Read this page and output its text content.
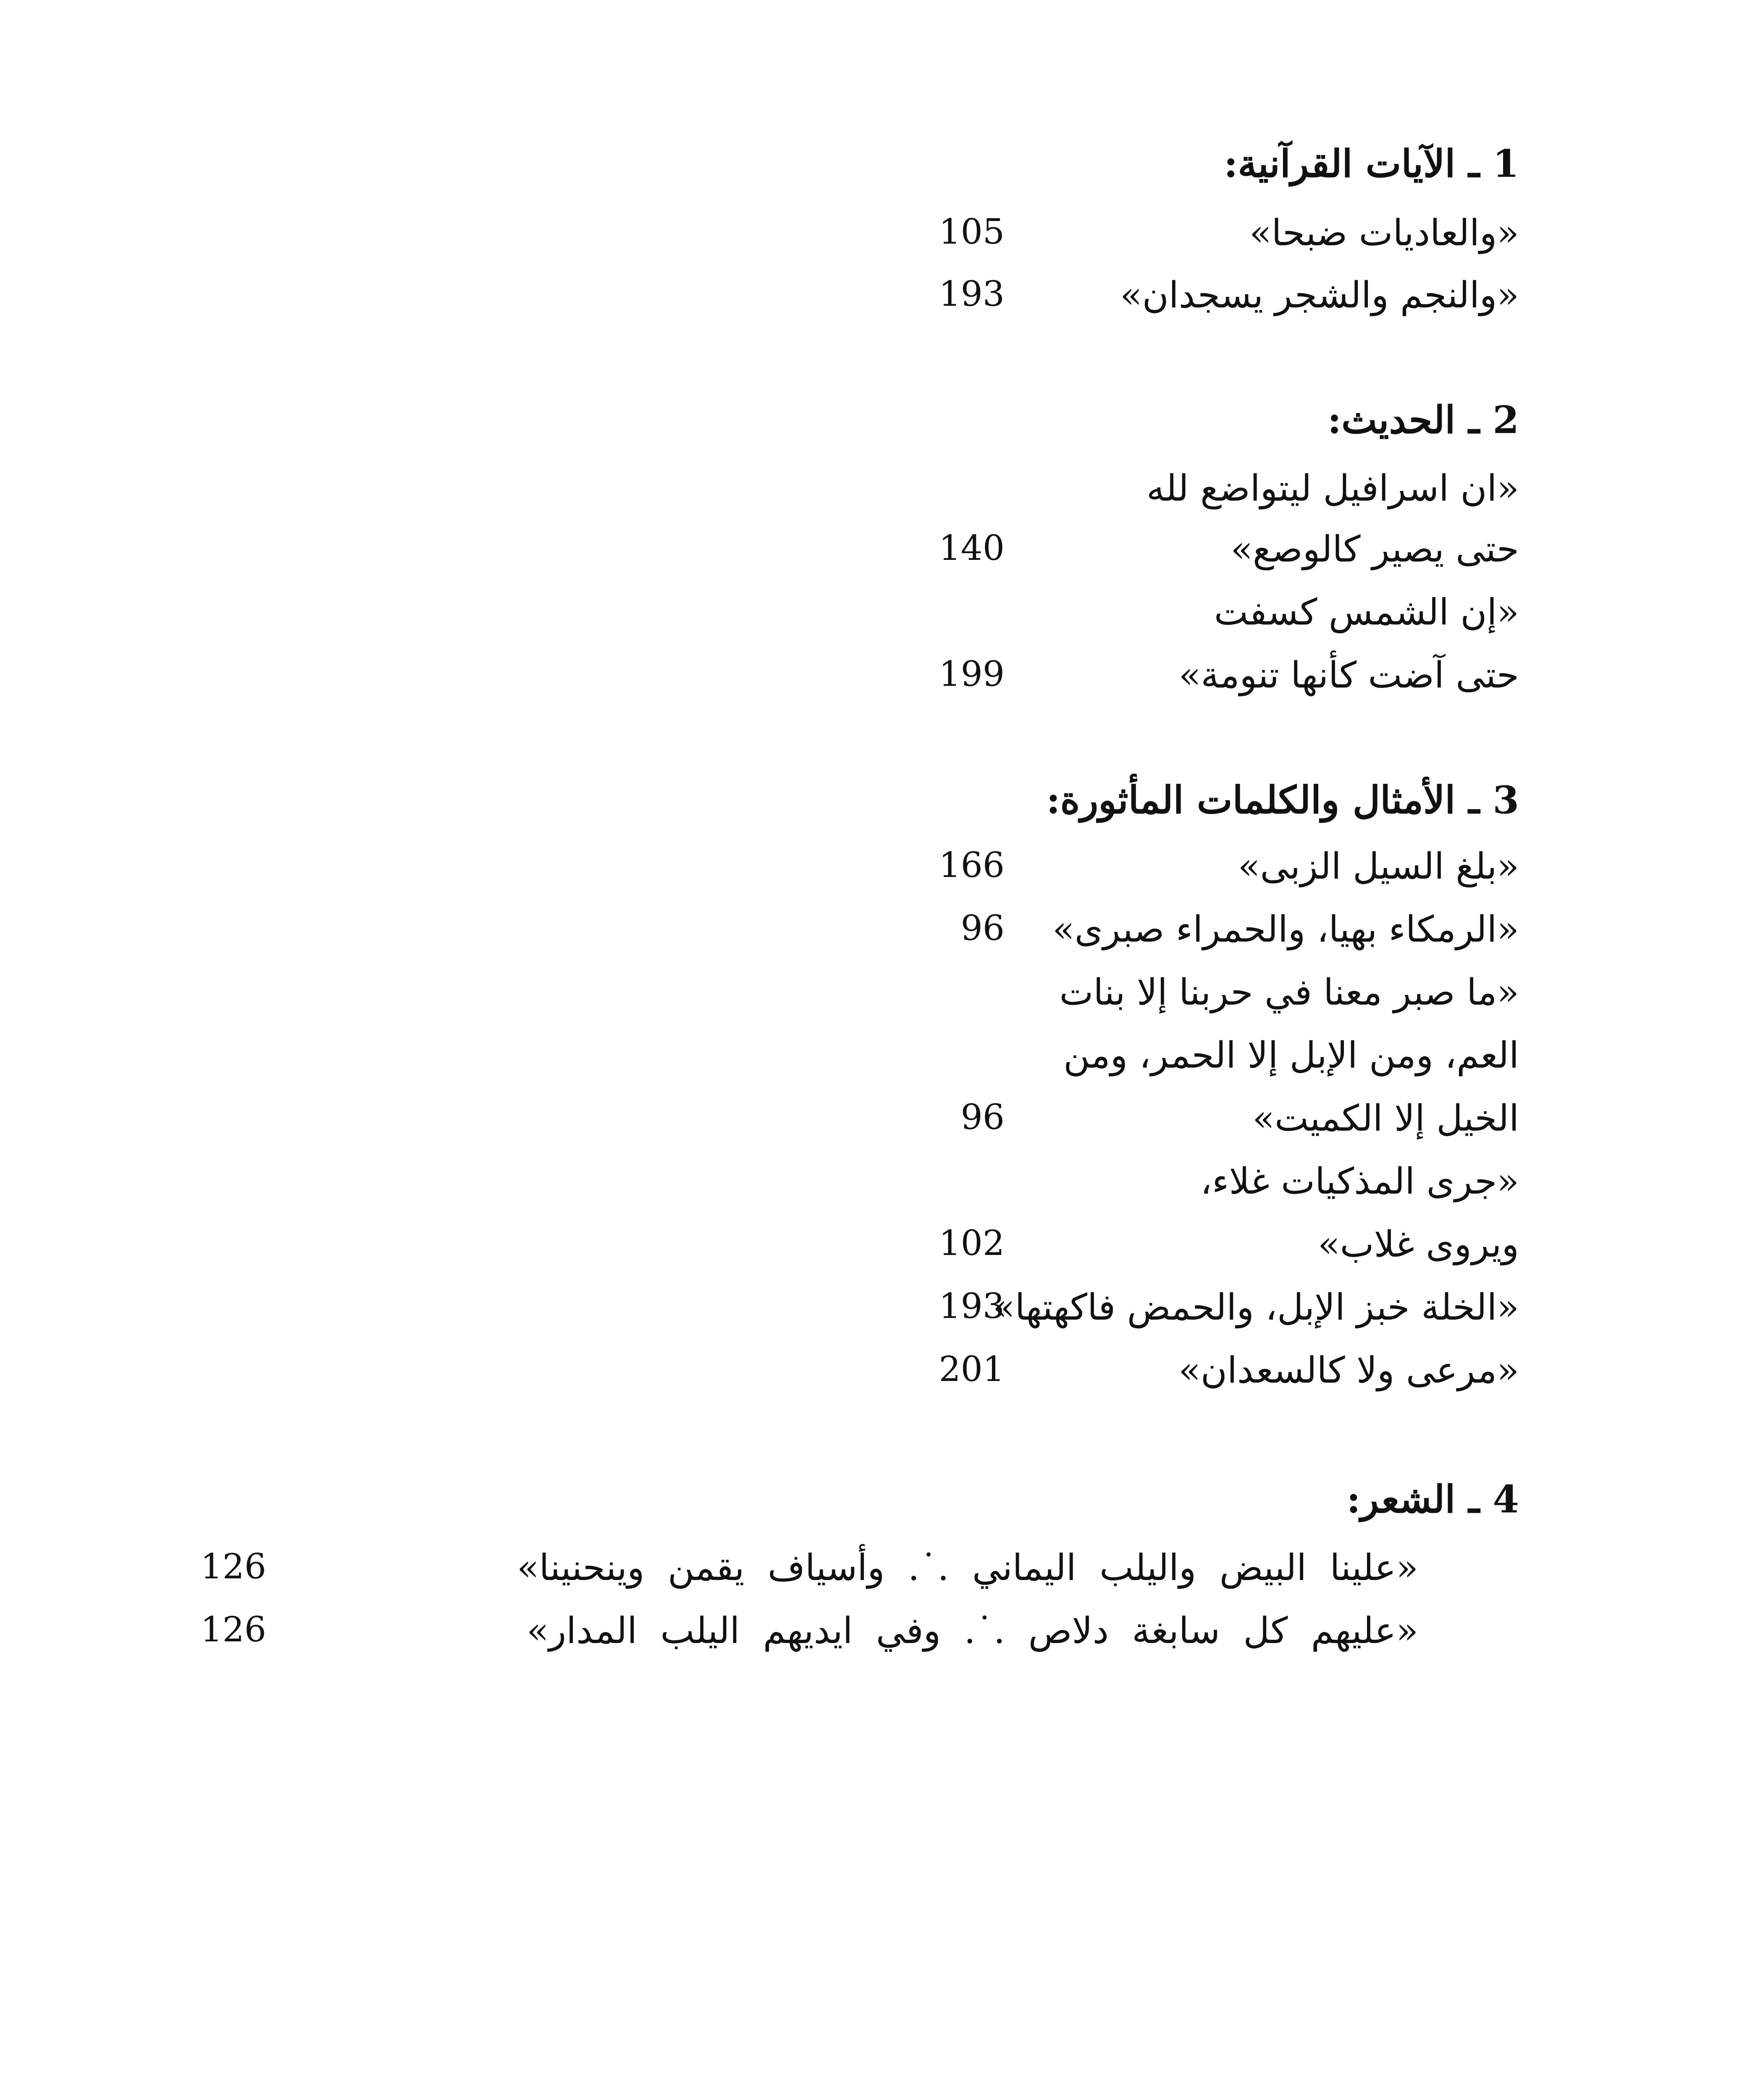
1 ـ الآيات القرآنية:
«والعاديات ضبحا»
105
«والنجم والشجر يسجدان»
193
2 ـ الحديث:
«ان اسرافيل ليتواضع لله
حتى يصير كالوصع»
140
«إن الشمس كسفت
حتى آضت كأنها تنومة»
199
3 ـ الأمثال والكلمات المأثورة:
«بلغ السيل الزبى»
166
«الرمكاء بهيا، والحمراء صبرى»
96
«ما صبر معنا في حربنا إلا بنات
العم، ومن الإبل إلا الحمر، ومن
الخيل إلا الكميت»
96
«جرى المذكيات غلاء،
ويروى غلاب»
102
«الخلة خبز الإبل، والحمض فاكهتها»
193
«مرعى ولا كالسعدان»
201
4 ـ الشعر:
«علينا البيض واليلب اليماني .˙. وأسياف يقمن وينحنينا»
126
«عليهم كل سابغة دلاص .˙. وفي ايديهم اليلب المدار»
126
